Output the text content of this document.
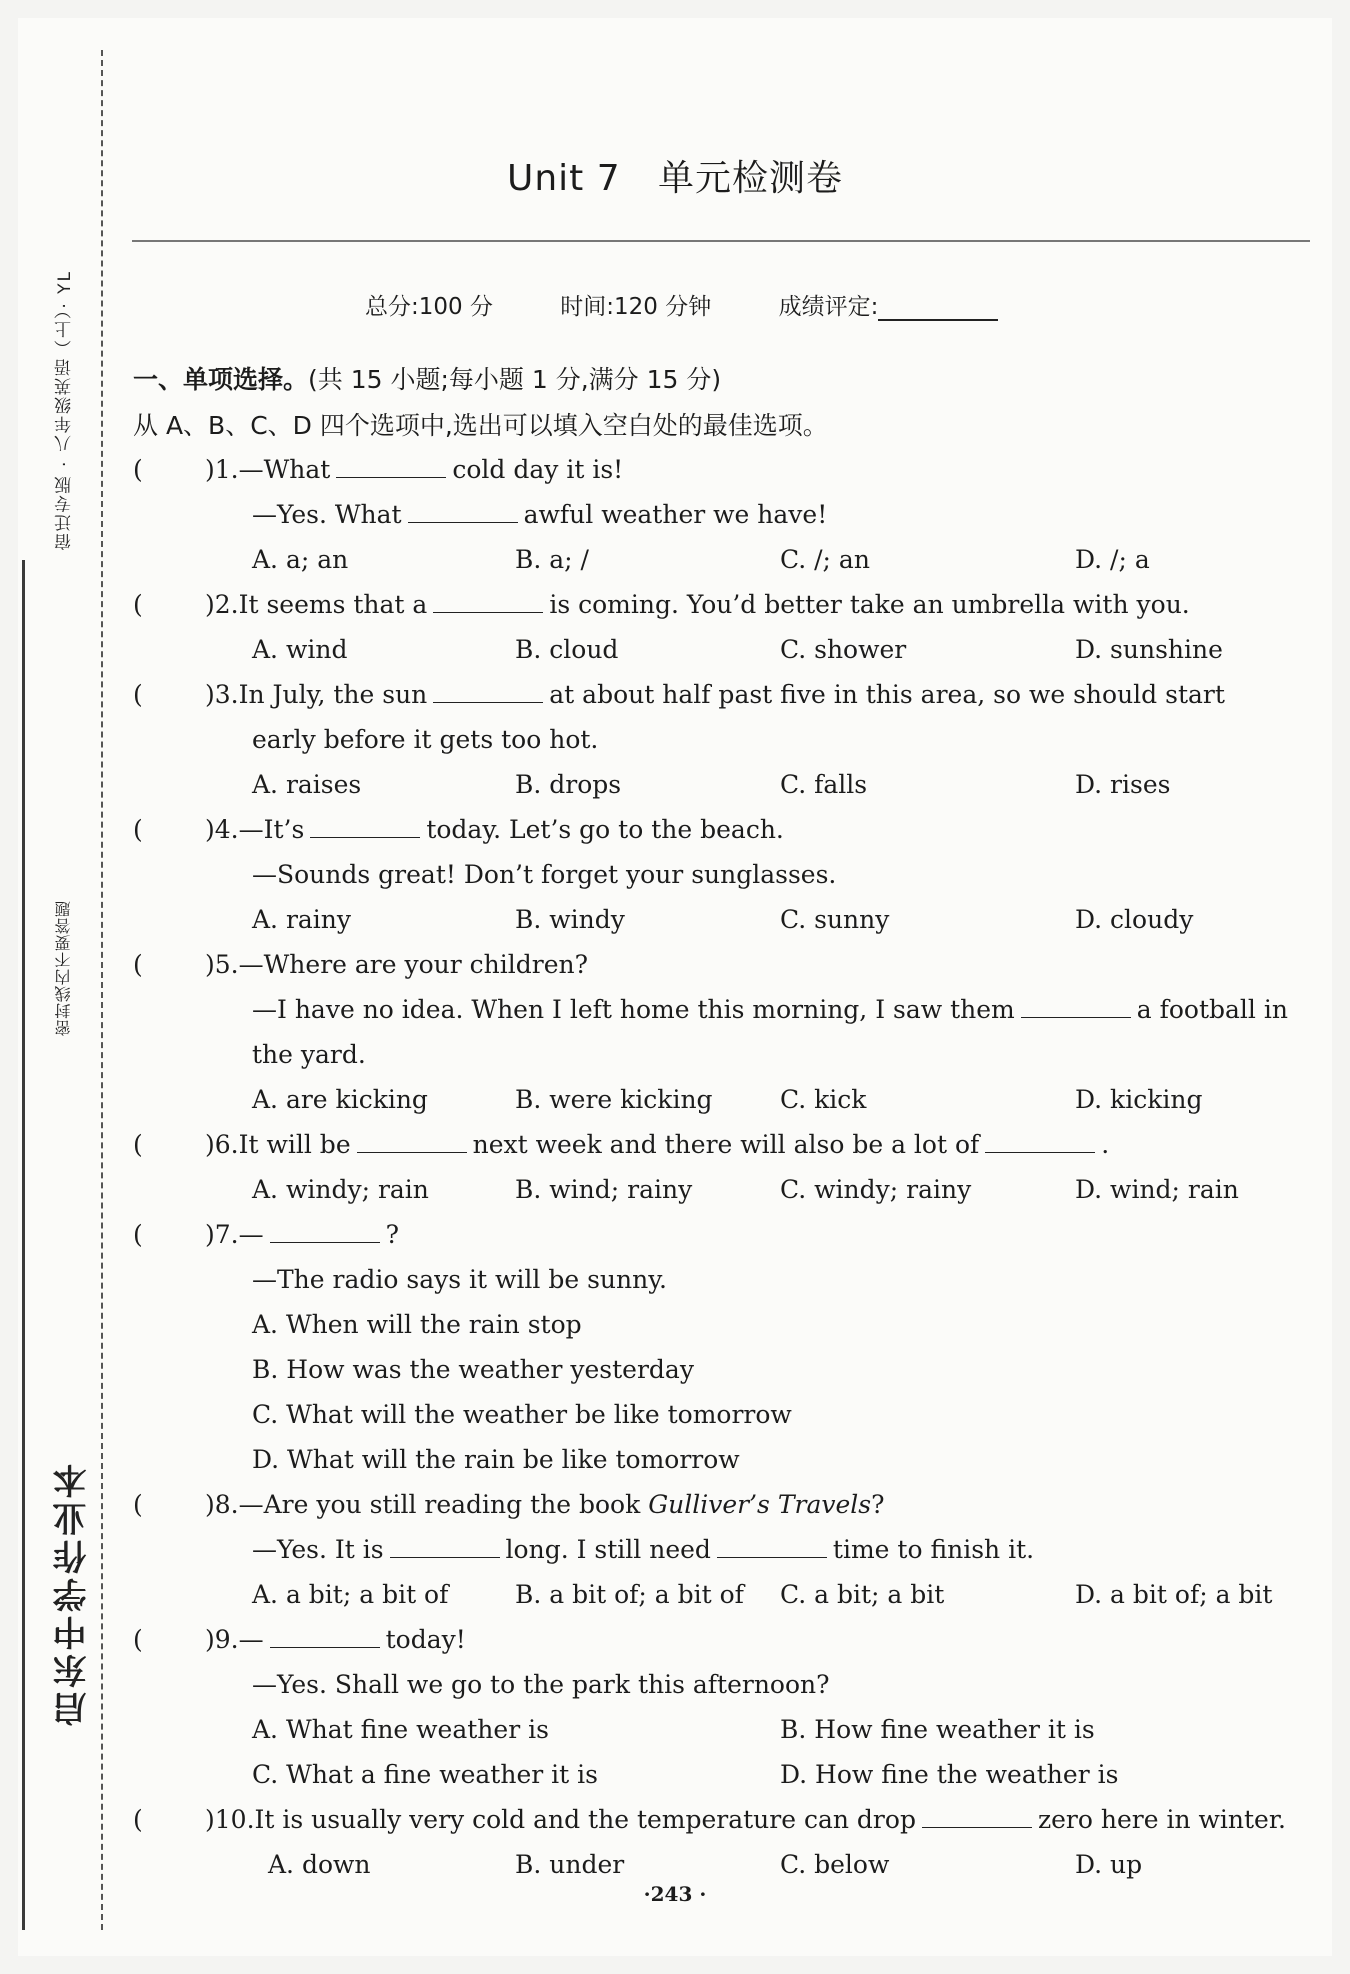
宿迁专版 · 八年级英语（上）· YL
密封线内不要答题
启东中学作业本
Unit 7   单元检测卷
总分:100 分	时间:120 分钟	成绩评定:
一、单项选择。(共 15 小题;每小题 1 分,满分 15 分)
从 A、B、C、D 四个选项中,选出可以填入空白处的最佳选项。
( )1.—What	cold day it is!
—Yes. What	awful weather we have!
A. a; an	B. a; /	C. /; an	D. /; a
( )2.It seems that a	is coming. You’d better take an umbrella with you.
A. wind	B. cloud	C. shower	D. sunshine
( )3.In July, the sun	at about half past five in this area, so we should start
early before it gets too hot.
A. raises	B. drops	C. falls	D. rises
( )4.—It’s	today. Let’s go to the beach.
—Sounds great! Don’t forget your sunglasses.
A. rainy	B. windy	C. sunny	D. cloudy
( )5.—Where are your children?
—I have no idea. When I left home this morning, I saw them	a football in
the yard.
A. are kicking	B. were kicking	C. kick	D. kicking
( )6.It will be	next week and there will also be a lot of	.
A. windy; rain	B. wind; rainy	C. windy; rainy	D. wind; rain
( )7.—	?
—The radio says it will be sunny.
A. When will the rain stop
B. How was the weather yesterday
C. What will the weather be like tomorrow
D. What will the rain be like tomorrow
( )8.—Are you still reading the book Gulliver’s Travels?
—Yes. It is	long. I still need	time to finish it.
A. a bit; a bit of	B. a bit of; a bit of C. a bit; a bit	D. a bit of; a bit
( )9.—	today!
—Yes. Shall we go to the park this afternoon?
A. What fine weather is	B. How fine weather it is
C. What a fine weather it is	D. How fine the weather is
( )10.It is usually very cold and the temperature can drop	zero here in winter.
A. down	B. under	C. below	D. up
·243 ·
